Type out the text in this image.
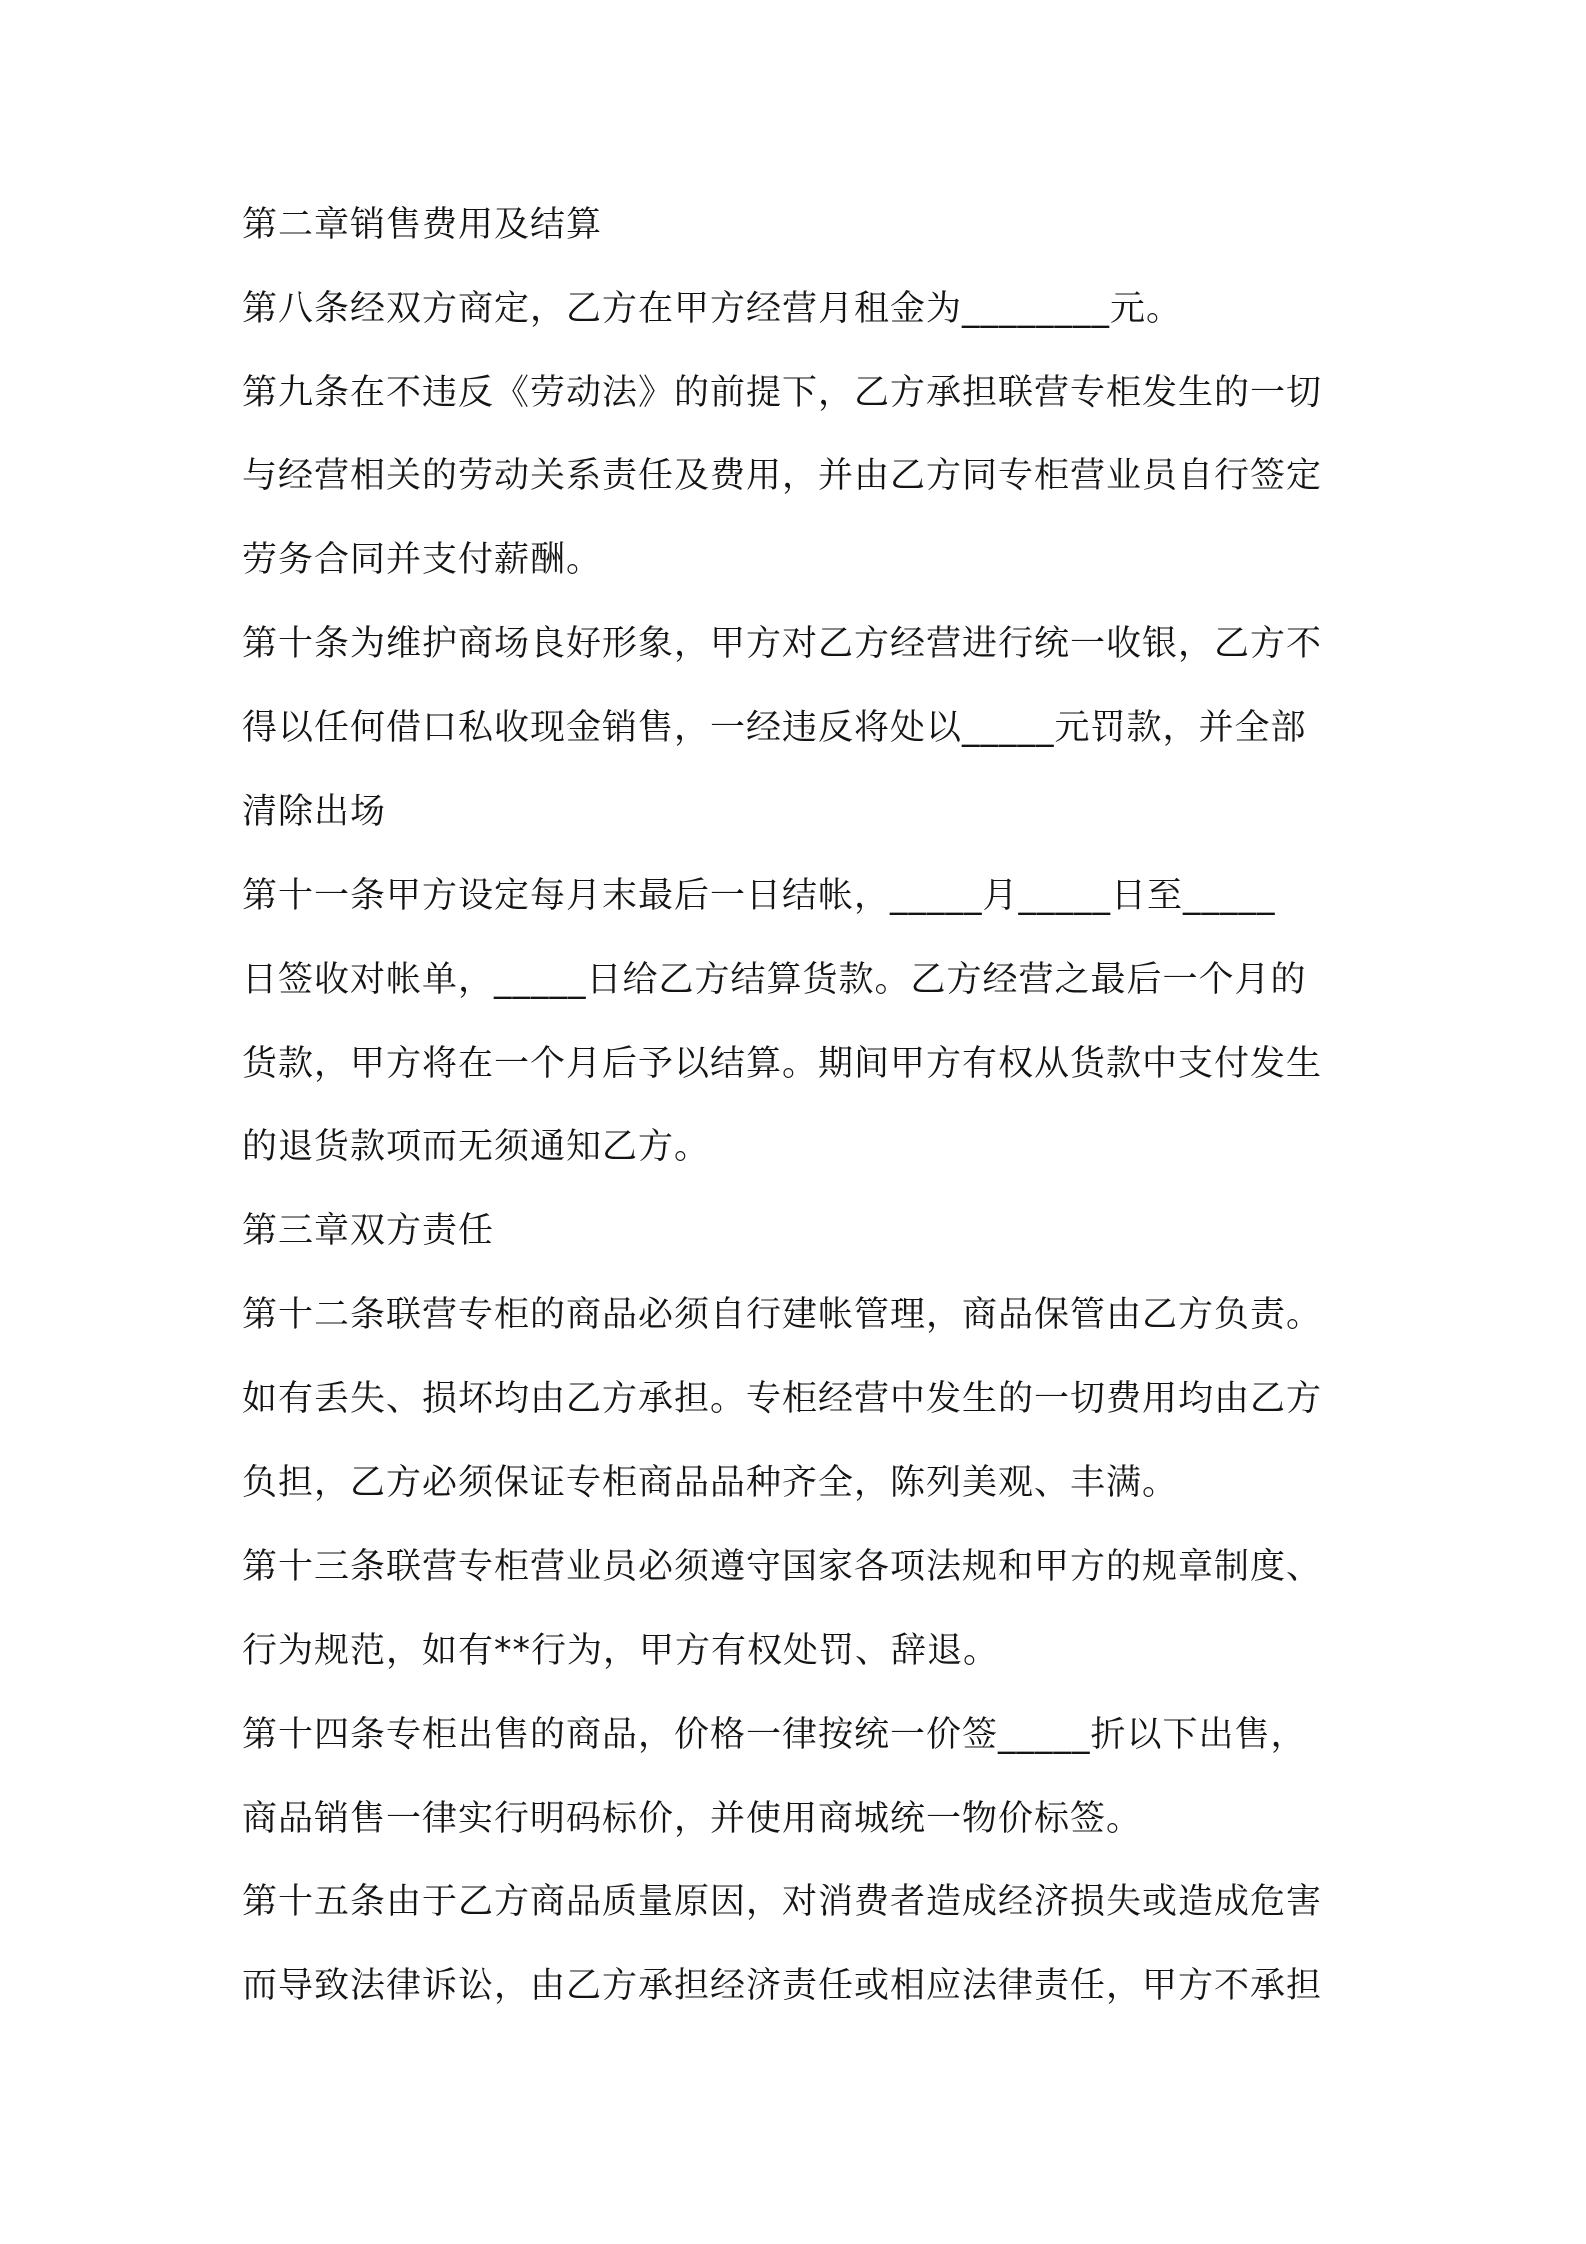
第二章销售费用及结算
第八条经双方商定，乙方在甲方经营月租金为________元。
第九条在不违反《劳动法》的前提下，乙方承担联营专柜发生的一切
与经营相关的劳动关系责任及费用，并由乙方同专柜营业员自行签定
劳务合同并支付薪酬。
第十条为维护商场良好形象，甲方对乙方经营进行统一收银，乙方不
得以任何借口私收现金销售，一经违反将处以_____元罚款，并全部
清除出场
第十一条甲方设定每月末最后一日结帐，_____月_____日至_____
日签收对帐单，_____日给乙方结算货款。乙方经营之最后一个月的
货款，甲方将在一个月后予以结算。期间甲方有权从货款中支付发生
的退货款项而无须通知乙方。
第三章双方责任
第十二条联营专柜的商品必须自行建帐管理，商品保管由乙方负责。
如有丢失、损坏均由乙方承担。专柜经营中发生的一切费用均由乙方
负担，乙方必须保证专柜商品品种齐全，陈列美观、丰满。
第十三条联营专柜营业员必须遵守国家各项法规和甲方的规章制度、
行为规范，如有**行为，甲方有权处罚、辞退。
第十四条专柜出售的商品，价格一律按统一价签_____折以下出售，
商品销售一律实行明码标价，并使用商城统一物价标签。
第十五条由于乙方商品质量原因，对消费者造成经济损失或造成危害
而导致法律诉讼，由乙方承担经济责任或相应法律责任，甲方不承担
